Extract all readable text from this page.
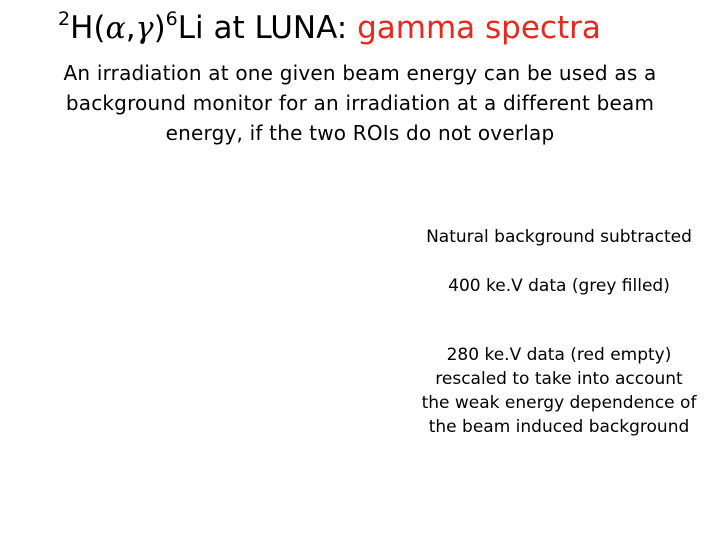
$^2H(\alpha,\gamma)^6Li$ at LUNA: gamma spectra
An irradiation at one given beam energy can be used as a
background monitor for an irradiation at a different beam
energy, if the two ROIs do not overlap
Natural background subtracted
400 ke.V data (grey filled)
280 ke.V data (red empty)
rescaled to take into account
the weak energy dependence of
the beam induced background
